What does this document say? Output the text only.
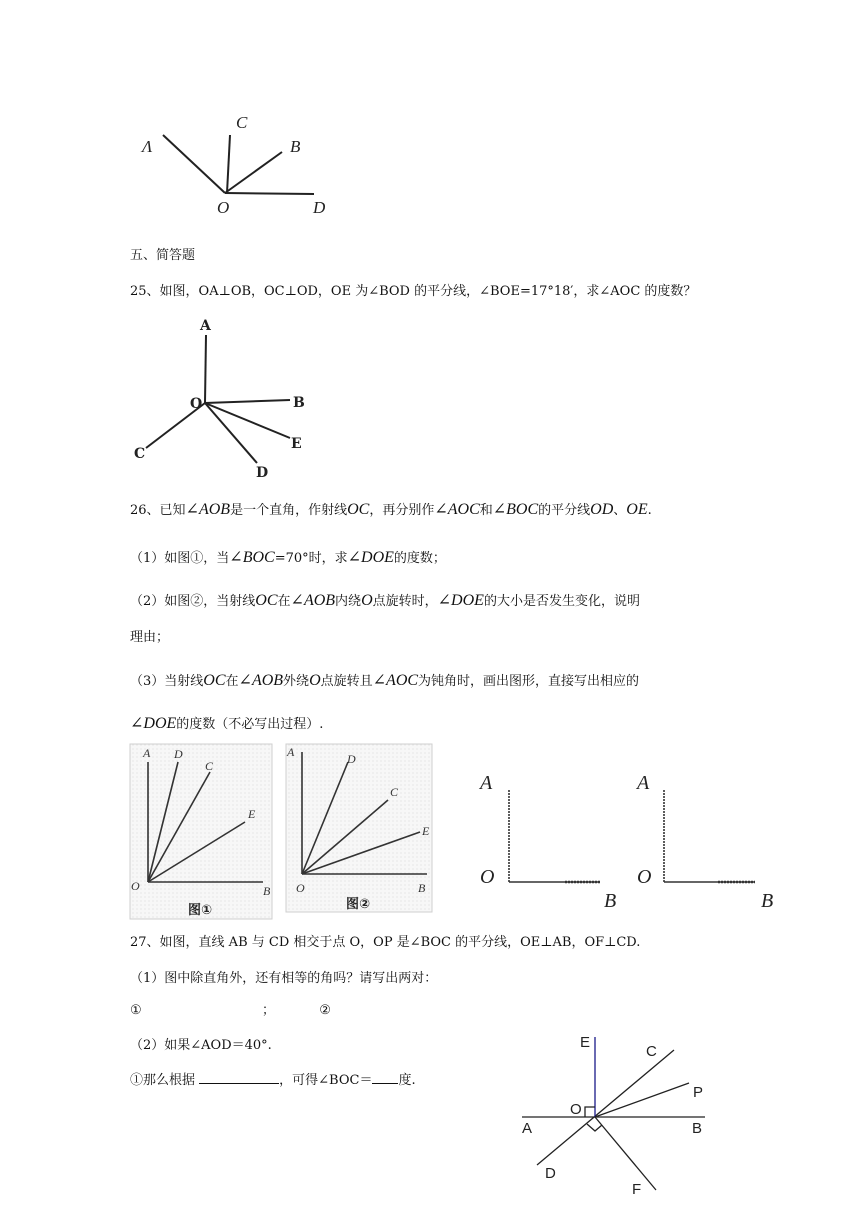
Λ
C
B
O	D
五、简答题
25、如图，OA⊥OB，OC⊥OD，OE 为∠BOD 的平分线，∠BOE=17°18′，求∠AOC 的度数？
A
O	B
E
C
D
26、已知∠AOB是一个直角，作射线OC，再分别作∠AOC和∠BOC的平分线OD、OE.
（1）如图①，当∠BOC=70°时，求∠DOE的度数；
（2）如图②，当射线OC在∠AOB内绕O点旋转时，∠DOE的大小是否发生变化，说明
理由；
（3）当射线OC在∠AOB外绕O点旋转且∠AOC为钝角时，画出图形，直接写出相应的
∠DOE的度数（不必写出过程）.
A D
C
E
O	B
图①
A	D
C
E
O	B
图②
A
O
B
A
O
B
27、如图，直线 AB 与 CD 相交于点 O，OP 是∠BOC 的平分线，OE⊥AB，OF⊥CD.
（1）图中除直角外，还有相等的角吗？请写出两对：
①	；	②
（2）如果∠AOD＝40°.
①那么根据	，可得∠BOC＝ 度.
E
C
P
O
A	B
D
F
